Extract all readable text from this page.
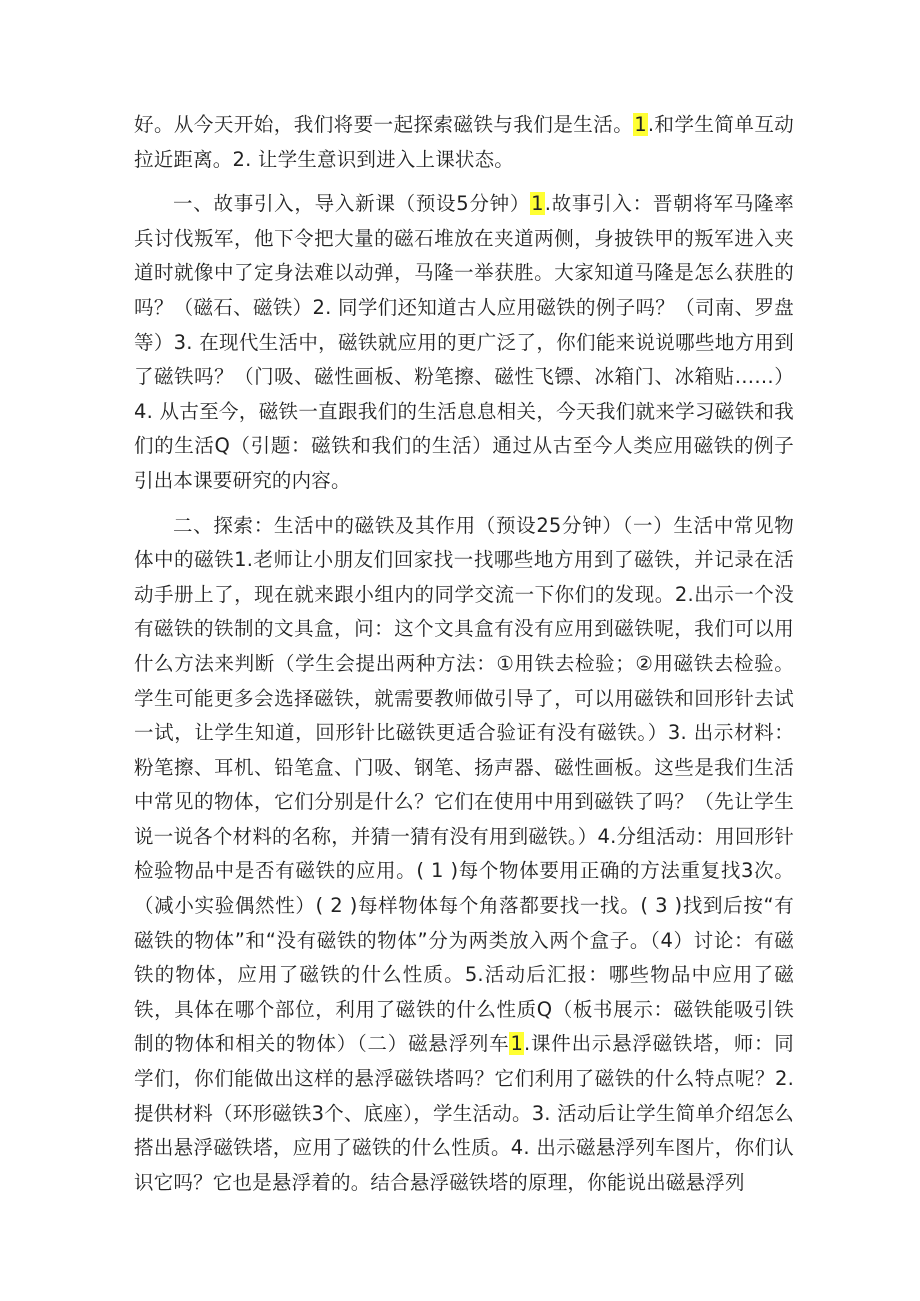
好。从今天开始，我们将要一起探索磁铁与我们是生活。1.和学生简单互动拉近距离。2. 让学生意识到进入上课状态。

一、故事引入，导入新课（预设5分钟）1.故事引入：晋朝将军马隆率兵讨伐叛军，他下令把大量的磁石堆放在夹道两侧，身披铁甲的叛军进入夹道时就像中了定身法难以动弹，马隆一举获胜。大家知道马隆是怎么获胜的吗？（磁石、磁铁）2. 同学们还知道古人应用磁铁的例子吗？（司南、罗盘等）3. 在现代生活中，磁铁就应用的更广泛了，你们能来说说哪些地方用到了磁铁吗？（门吸、磁性画板、粉笔擦、磁性飞镖、冰箱门、冰箱贴……）4. 从古至今，磁铁一直跟我们的生活息息相关，今天我们就来学习磁铁和我们的生活Q（引题：磁铁和我们的生活）通过从古至今人类应用磁铁的例子引出本课要研究的内容。

二、探索：生活中的磁铁及其作用（预设25分钟）（一）生活中常见物体中的磁铁1.老师让小朋友们回家找一找哪些地方用到了磁铁，并记录在活动手册上了，现在就来跟小组内的同学交流一下你们的发现。2.出示一个没有磁铁的铁制的文具盒，问：这个文具盒有没有应用到磁铁呢，我们可以用什么方法来判断（学生会提出两种方法：①用铁去检验；②用磁铁去检验。学生可能更多会选择磁铁，就需要教师做引导了，可以用磁铁和回形针去试一试，让学生知道，回形针比磁铁更适合验证有没有磁铁。）3. 出示材料：粉笔擦、耳机、铅笔盒、门吸、钢笔、扬声器、磁性画板。这些是我们生活中常见的物体，它们分别是什么？它们在使用中用到磁铁了吗？（先让学生说一说各个材料的名称，并猜一猜有没有用到磁铁。）4.分组活动：用回形针检验物品中是否有磁铁的应用。( 1 )每个物体要用正确的方法重复找3次。（减小实验偶然性）( 2 )每样物体每个角落都要找一找。( 3 )找到后按“有磁铁的物体”和“没有磁铁的物体”分为两类放入两个盒子。（4）讨论：有磁铁的物体，应用了磁铁的什么性质。5.活动后汇报：哪些物品中应用了磁铁，具体在哪个部位，利用了磁铁的什么性质Q（板书展示：磁铁能吸引铁制的物体和相关的物体）（二）磁悬浮列车1.课件出示悬浮磁铁塔，师：同学们，你们能做出这样的悬浮磁铁塔吗？它们利用了磁铁的什么特点呢？2. 提供材料（环形磁铁3个、底座），学生活动。3. 活动后让学生简单介绍怎么搭出悬浮磁铁塔，应用了磁铁的什么性质。4. 出示磁悬浮列车图片，你们认识它吗？它也是悬浮着的。结合悬浮磁铁塔的原理，你能说出磁悬浮列
